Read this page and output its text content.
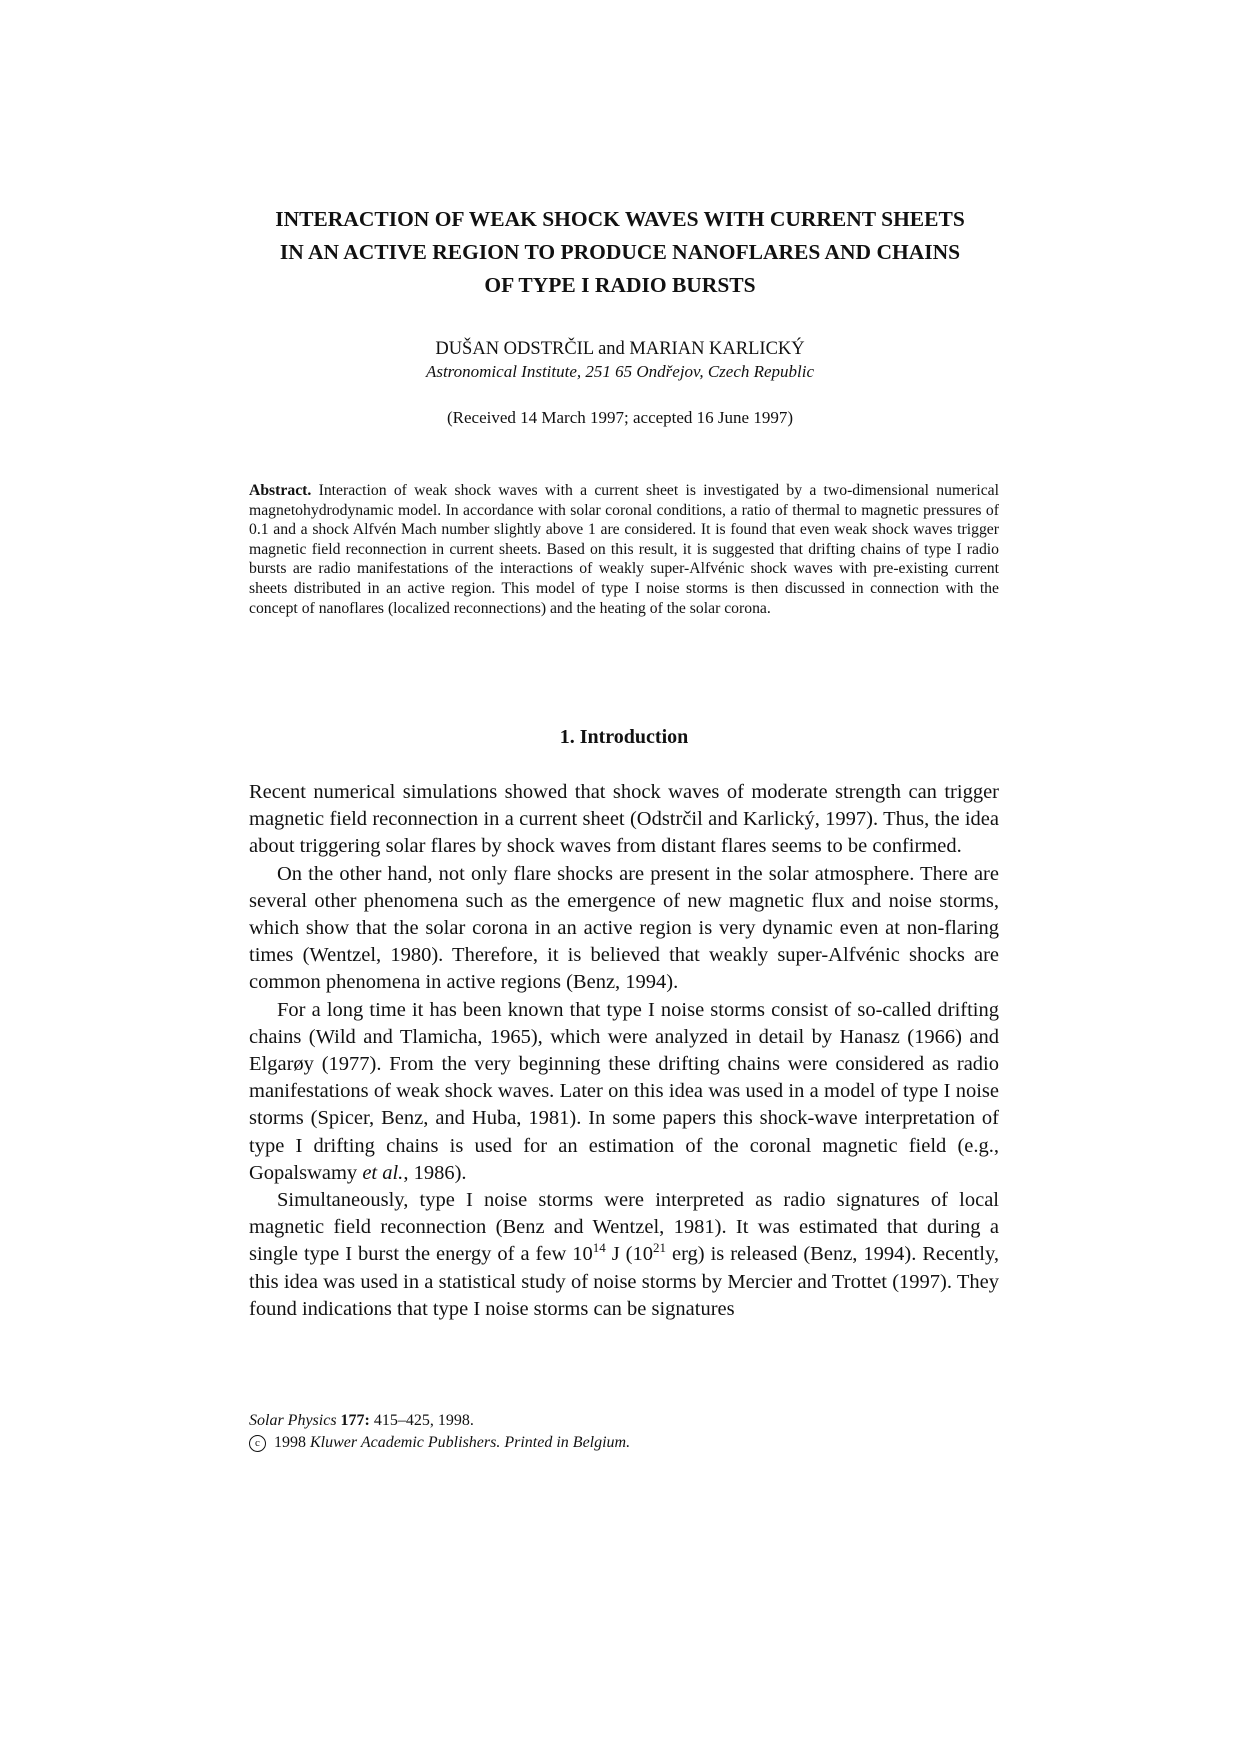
INTERACTION OF WEAK SHOCK WAVES WITH CURRENT SHEETS
IN AN ACTIVE REGION TO PRODUCE NANOFLARES AND CHAINS
OF TYPE I RADIO BURSTS
DUŠAN ODSTRČIL and MARIAN KARLICKÝ
Astronomical Institute, 251 65 Ondřejov, Czech Republic
(Received 14 March 1997; accepted 16 June 1997)
Abstract. Interaction of weak shock waves with a current sheet is investigated by a two-dimensional numerical magnetohydrodynamic model. In accordance with solar coronal conditions, a ratio of thermal to magnetic pressures of 0.1 and a shock Alfvén Mach number slightly above 1 are considered. It is found that even weak shock waves trigger magnetic field reconnection in current sheets. Based on this result, it is suggested that drifting chains of type I radio bursts are radio manifestations of the interactions of weakly super-Alfvénic shock waves with pre-existing current sheets distributed in an active region. This model of type I noise storms is then discussed in connection with the concept of nanoflares (localized reconnections) and the heating of the solar corona.
1. Introduction

Recent numerical simulations showed that shock waves of moderate strength can trigger magnetic field reconnection in a current sheet (Odstrčil and Karlický, 1997). Thus, the idea about triggering solar flares by shock waves from distant flares seems to be confirmed.

On the other hand, not only flare shocks are present in the solar atmosphere. There are several other phenomena such as the emergence of new magnetic flux and noise storms, which show that the solar corona in an active region is very dynamic even at non-flaring times (Wentzel, 1980). Therefore, it is believed that weakly super-Alfvénic shocks are common phenomena in active regions (Benz, 1994).

For a long time it has been known that type I noise storms consist of so-called drifting chains (Wild and Tlamicha, 1965), which were analyzed in detail by Hanasz (1966) and Elgarøy (1977). From the very beginning these drifting chains were considered as radio manifestations of weak shock waves. Later on this idea was used in a model of type I noise storms (Spicer, Benz, and Huba, 1981). In some papers this shock-wave interpretation of type I drifting chains is used for an estimation of the coronal magnetic field (e.g., Gopalswamy et al., 1986).

Simultaneously, type I noise storms were interpreted as radio signatures of local magnetic field reconnection (Benz and Wentzel, 1981). It was estimated that during a single type I burst the energy of a few $10^{14}$ J ($10^{21}$ erg) is released (Benz, 1994). Recently, this idea was used in a statistical study of noise storms by Mercier and Trottet (1997). They found indications that type I noise storms can be signatures

Solar Physics 177: 415–425, 1998.
c 1998 Kluwer Academic Publishers. Printed in Belgium.
